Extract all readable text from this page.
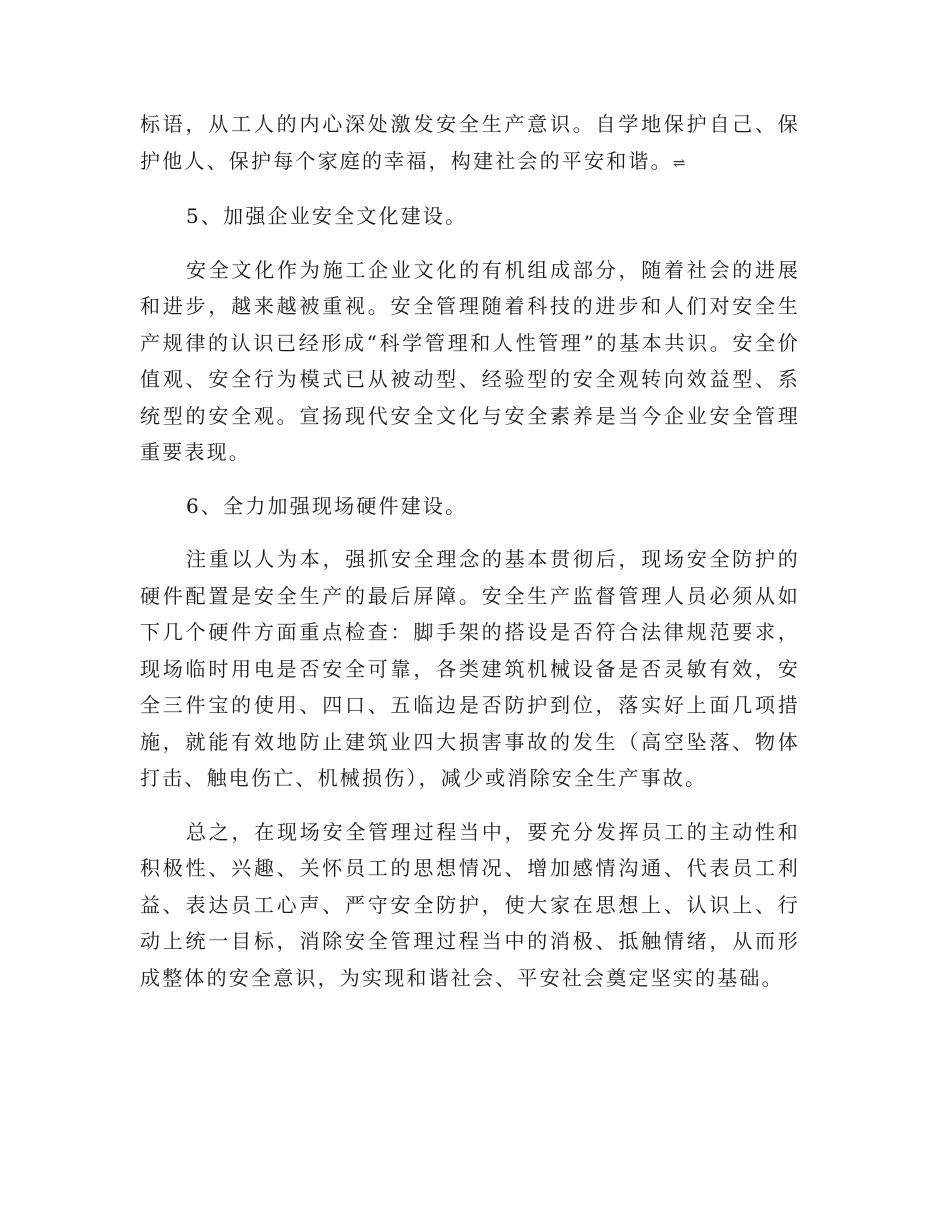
标语，从工人的内心深处激发安全生产意识。自学地保护自己、保护他人、保护每个家庭的幸福，构建社会的平安和谐。⇌

5、加强企业安全文化建设。

安全文化作为施工企业文化的有机组成部分，随着社会的进展和进步，越来越被重视。安全管理随着科技的进步和人们对安全生产规律的认识已经形成“科学管理和人性管理”的基本共识。安全价值观、安全行为模式已从被动型、经验型的安全观转向效益型、系统型的安全观。宣扬现代安全文化与安全素养是当今企业安全管理重要表现。

6、全力加强现场硬件建设。

注重以人为本，强抓安全理念的基本贯彻后，现场安全防护的硬件配置是安全生产的最后屏障。安全生产监督管理人员必须从如下几个硬件方面重点检查：脚手架的搭设是否符合法律规范要求，现场临时用电是否安全可靠，各类建筑机械设备是否灵敏有效，安全三件宝的使用、四口、五临边是否防护到位，落实好上面几项措施，就能有效地防止建筑业四大损害事故的发生（高空坠落、物体打击、触电伤亡、机械损伤），减少或消除安全生产事故。

总之，在现场安全管理过程当中，要充分发挥员工的主动性和积极性、兴趣、关怀员工的思想情况、增加感情沟通、代表员工利益、表达员工心声、严守安全防护，使大家在思想上、认识上、行动上统一目标，消除安全管理过程当中的消极、抵触情绪，从而形成整体的安全意识，为实现和谐社会、平安社会奠定坚实的基础。
